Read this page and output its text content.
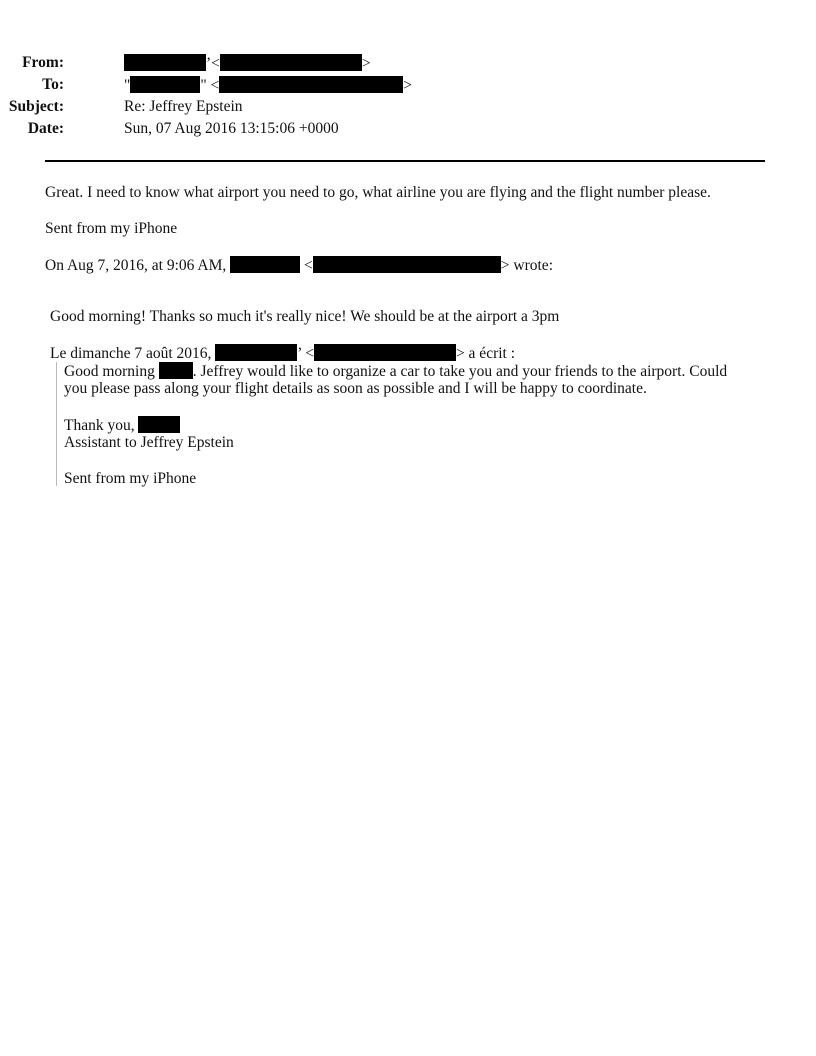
From:	’<	>
To:	"	" <	>
Subject:	Re: Jeffrey Epstein
Date:	Sun, 07 Aug 2016 13:15:06 +0000
Great. I need to know what airport you need to go, what airline you are flying and the flight number please.
Sent from my iPhone
On Aug 7, 2016, at 9:06 AM,	<	> wrote:
Good morning! Thanks so much it's really nice! We should be at the airport a 3pm
Le dimanche 7 août 2016,	’ <	> a écrit :
Good morning . Jeffrey would like to organize a car to take you and your friends to the airport. Could
you please pass along your flight details as soon as possible and I will be happy to coordinate.
Thank you,
Assistant to Jeffrey Epstein
Sent from my iPhone
